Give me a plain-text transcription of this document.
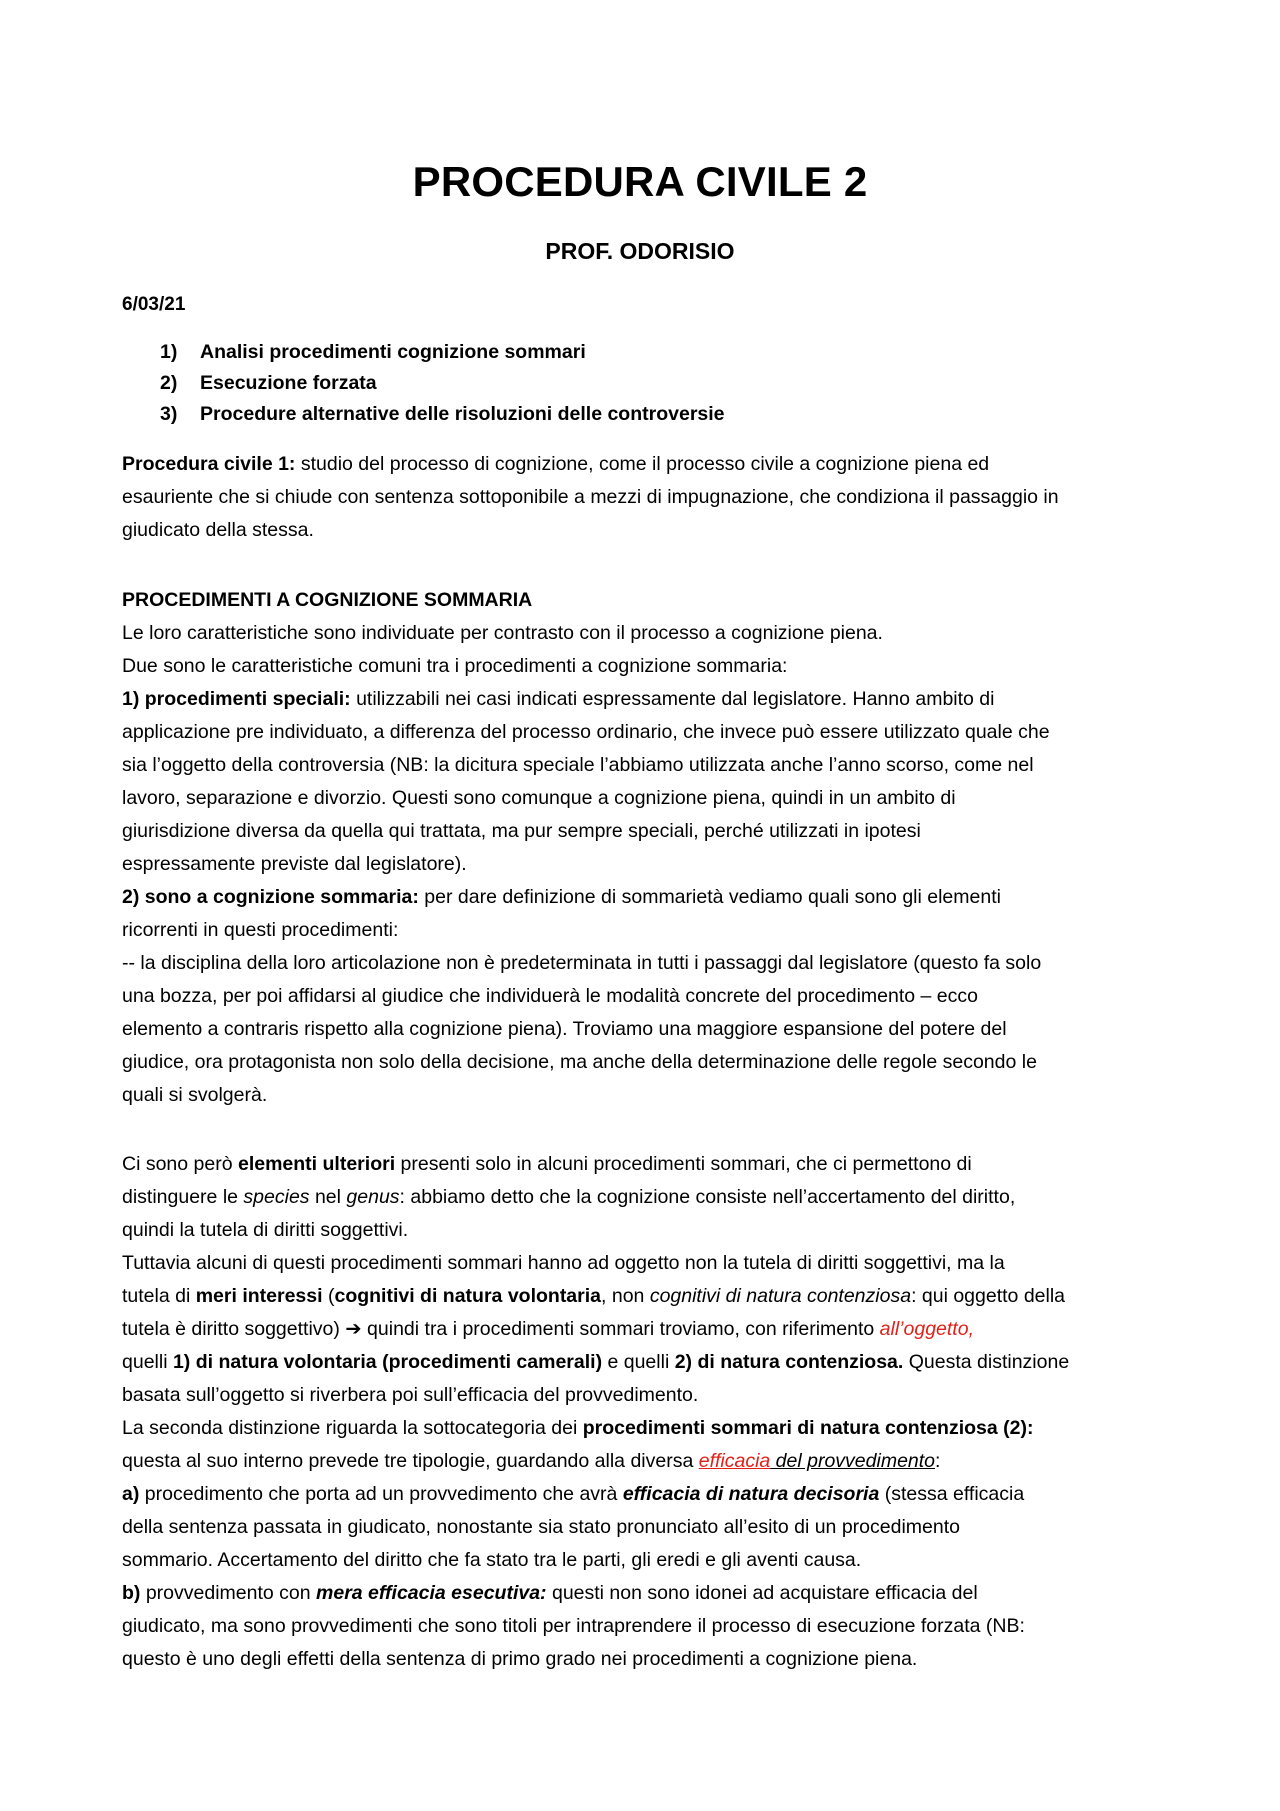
PROCEDURA CIVILE 2
PROF. ODORISIO
6/03/21
1) Analisi procedimenti cognizione sommari
2) Esecuzione forzata
3) Procedure alternative delle risoluzioni delle controversie
Procedura civile 1: studio del processo di cognizione, come il processo civile a cognizione piena ed
esauriente che si chiude con sentenza sottoponibile a mezzi di impugnazione, che condiziona il passaggio in
giudicato della stessa.
PROCEDIMENTI A COGNIZIONE SOMMARIA
Le loro caratteristiche sono individuate per contrasto con il processo a cognizione piena.
Due sono le caratteristiche comuni tra i procedimenti a cognizione sommaria:
1) procedimenti speciali: utilizzabili nei casi indicati espressamente dal legislatore. Hanno ambito di
applicazione pre individuato, a differenza del processo ordinario, che invece può essere utilizzato quale che
sia l’oggetto della controversia (NB: la dicitura speciale l’abbiamo utilizzata anche l’anno scorso, come nel
lavoro, separazione e divorzio. Questi sono comunque a cognizione piena, quindi in un ambito di
giurisdizione diversa da quella qui trattata, ma pur sempre speciali, perché utilizzati in ipotesi
espressamente previste dal legislatore).
2) sono a cognizione sommaria: per dare definizione di sommarietà vediamo quali sono gli elementi
ricorrenti in questi procedimenti:
-- la disciplina della loro articolazione non è predeterminata in tutti i passaggi dal legislatore (questo fa solo
una bozza, per poi affidarsi al giudice che individuerà le modalità concrete del procedimento – ecco
elemento a contraris rispetto alla cognizione piena). Troviamo una maggiore espansione del potere del
giudice, ora protagonista non solo della decisione, ma anche della determinazione delle regole secondo le
quali si svolgerà.
Ci sono però elementi ulteriori presenti solo in alcuni procedimenti sommari, che ci permettono di
distinguere le species nel genus: abbiamo detto che la cognizione consiste nell’accertamento del diritto,
quindi la tutela di diritti soggettivi.
Tuttavia alcuni di questi procedimenti sommari hanno ad oggetto non la tutela di diritti soggettivi, ma la
tutela di meri interessi (cognitivi di natura volontaria, non cognitivi di natura contenziosa: qui oggetto della
tutela è diritto soggettivo) ➔ quindi tra i procedimenti sommari troviamo, con riferimento all’oggetto,
quelli 1) di natura volontaria (procedimenti camerali) e quelli 2) di natura contenziosa. Questa distinzione
basata sull’oggetto si riverbera poi sull’efficacia del provvedimento.
La seconda distinzione riguarda la sottocategoria dei procedimenti sommari di natura contenziosa (2):
questa al suo interno prevede tre tipologie, guardando alla diversa efficacia del provvedimento:
a) procedimento che porta ad un provvedimento che avrà efficacia di natura decisoria (stessa efficacia
della sentenza passata in giudicato, nonostante sia stato pronunciato all’esito di un procedimento
sommario. Accertamento del diritto che fa stato tra le parti, gli eredi e gli aventi causa.
b) provvedimento con mera efficacia esecutiva: questi non sono idonei ad acquistare efficacia del
giudicato, ma sono provvedimenti che sono titoli per intraprendere il processo di esecuzione forzata (NB:
questo è uno degli effetti della sentenza di primo grado nei procedimenti a cognizione piena.
